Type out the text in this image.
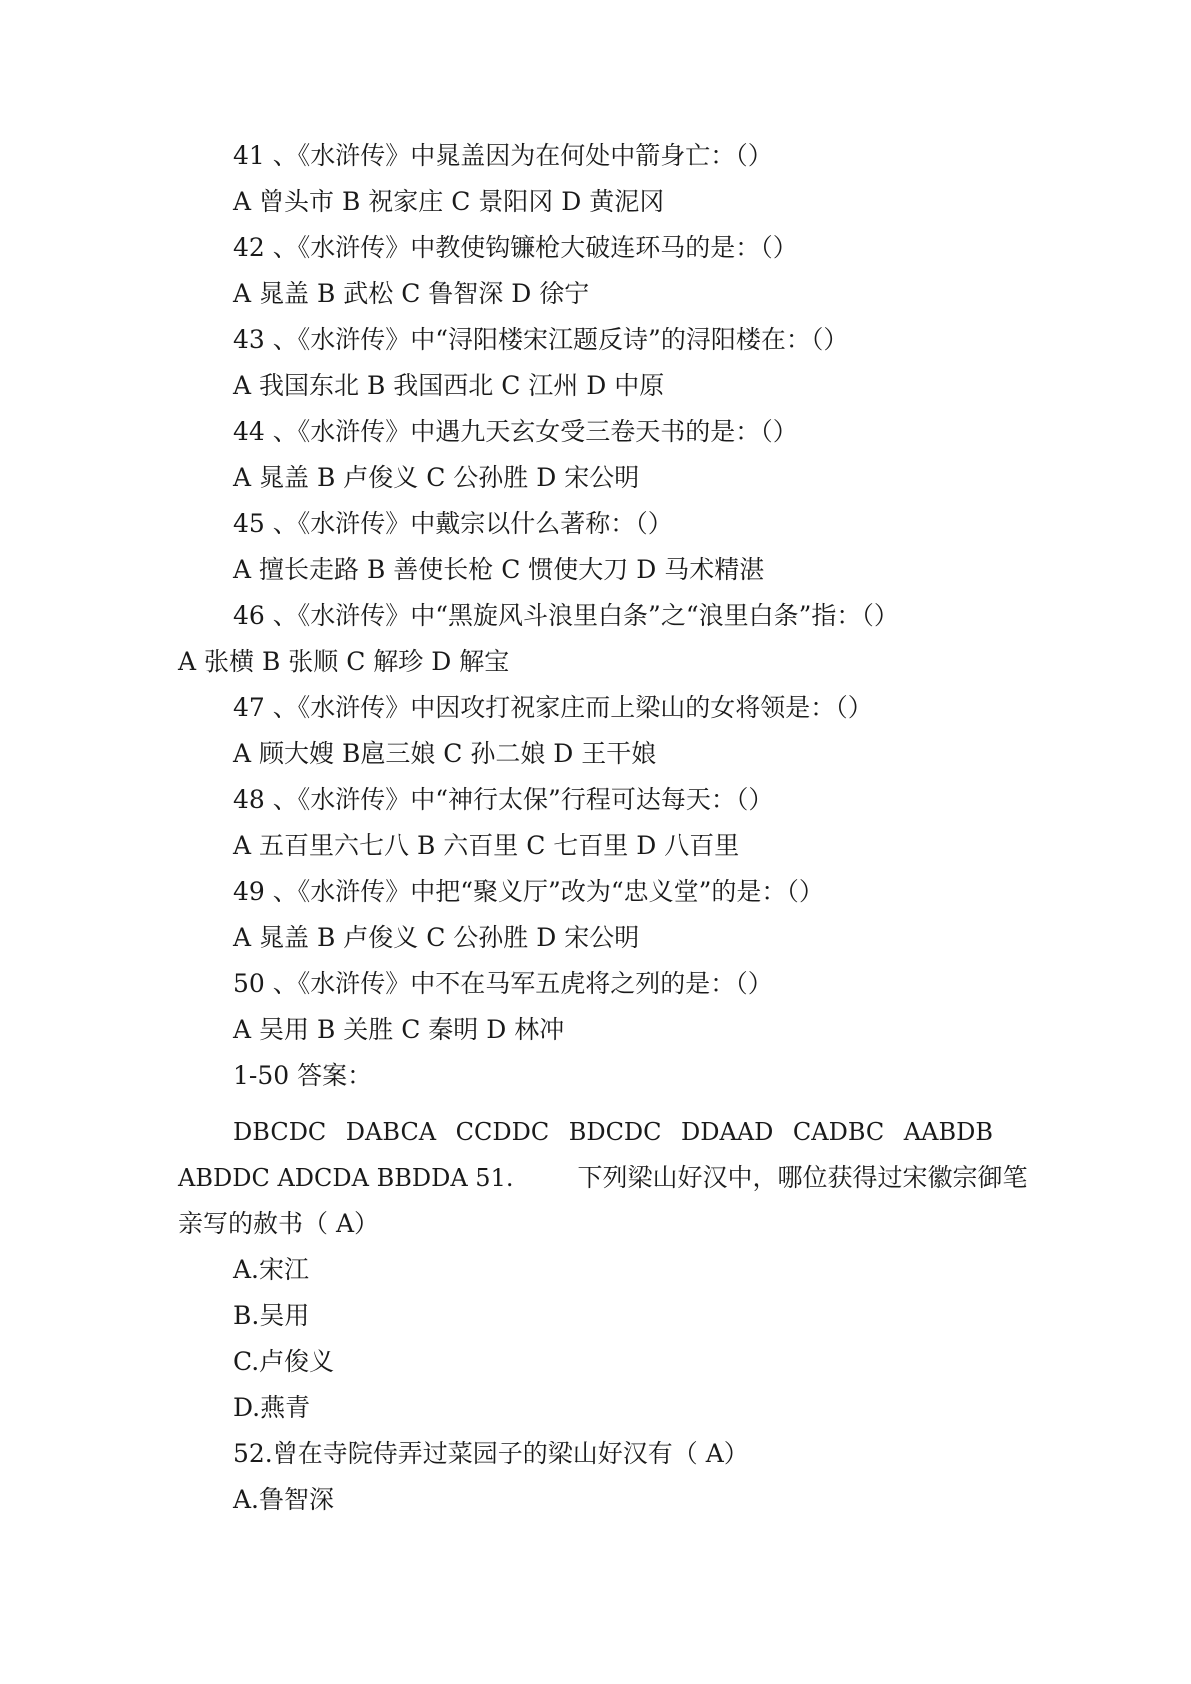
41 、《水浒传》中晁盖因为在何处中箭身亡：（）
A 曾头市 B 祝家庄 C 景阳冈 D 黄泥冈
42 、《水浒传》中教使钩镰枪大破连环马的是：（）
A 晁盖 B 武松 C 鲁智深 D 徐宁
43 、《水浒传》中“浔阳楼宋江题反诗”的浔阳楼在：（）
A 我国东北 B 我国西北 C 江州 D 中原
44 、《水浒传》中遇九天玄女受三卷天书的是：（）
A 晁盖 B 卢俊义 C 公孙胜 D 宋公明
45 、《水浒传》中戴宗以什么著称：（）
A 擅长走路 B 善使长枪 C 惯使大刀 D 马术精湛
46 、《水浒传》中“黑旋风斗浪里白条”之“浪里白条”指：（）
A 张横 B 张顺 C 解珍 D 解宝
47 、《水浒传》中因攻打祝家庄而上梁山的女将领是：（）
A 顾大嫂 B扈三娘 C 孙二娘 D 王干娘
48 、《水浒传》中“神行太保”行程可达每天：（）
A 五百里六七八 B 六百里 C 七百里 D 八百里
49 、《水浒传》中把“聚义厅”改为“忠义堂”的是：（）
A 晁盖 B 卢俊义 C 公孙胜 D 宋公明
50 、《水浒传》中不在马军五虎将之列的是：（）
A 吴用 B 关胜 C 秦明 D 林冲
1-50 答案：
DBCDC DABCA CCDDC BDCDC DDAAD CADBC AABDB
ABDDC ADCDA BBDDA 51.	下列梁山好汉中，哪位获得过宋徽宗御笔
亲写的赦书（ A）
A.宋江
B.吴用
C.卢俊义
D.燕青
52.曾在寺院侍弄过菜园子的梁山好汉有（ A）
A.鲁智深
